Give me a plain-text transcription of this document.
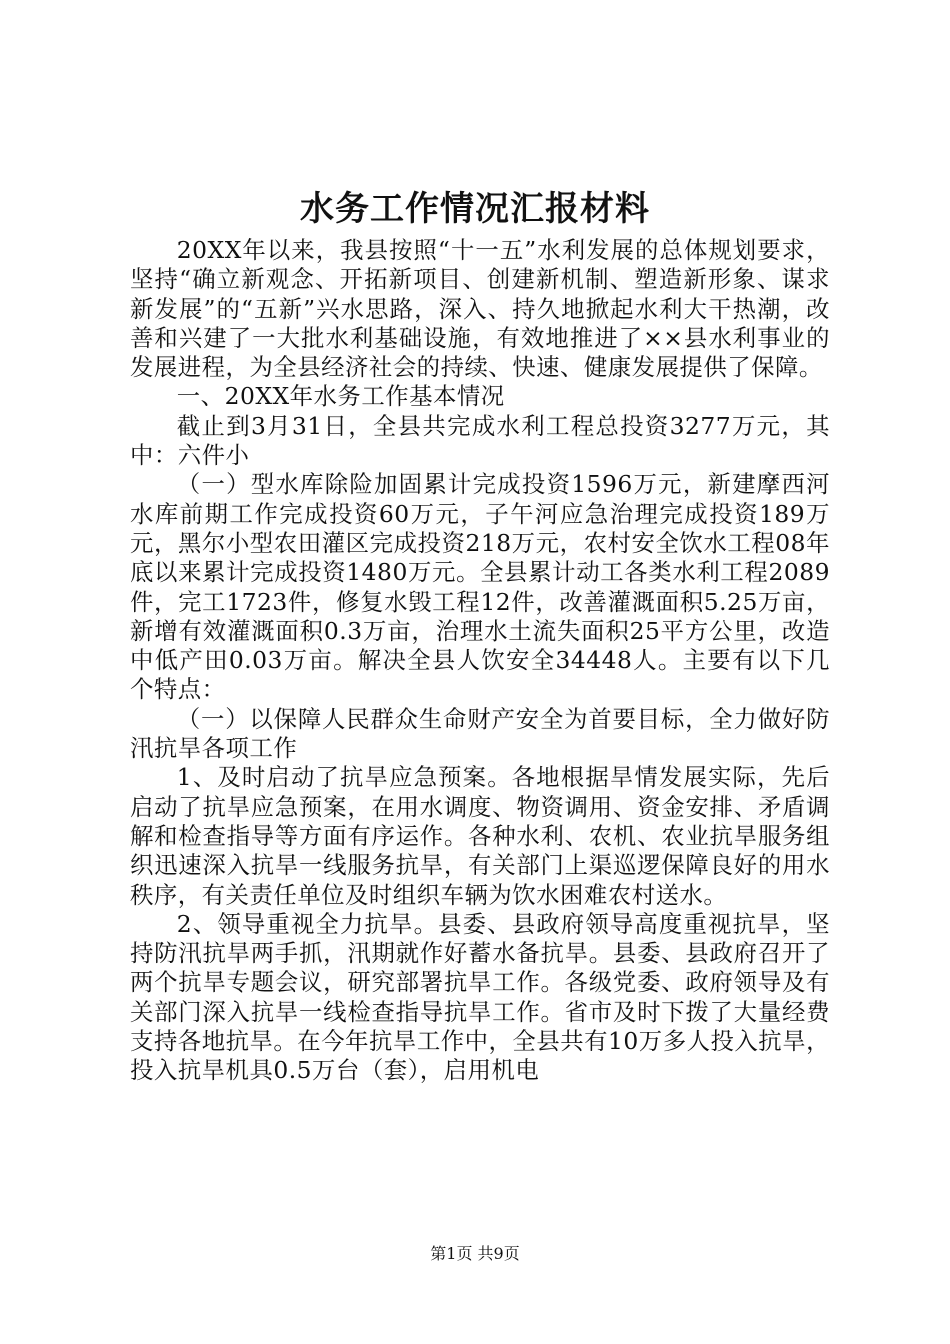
水务工作情况汇报材料

20XX年以来，我县按照“十一五”水利发展的总体规划要求，坚持“确立新观念、开拓新项目、创建新机制、塑造新形象、谋求新发展”的“五新”兴水思路，深入、持久地掀起水利大干热潮，改善和兴建了一大批水利基础设施，有效地推进了××县水利事业的发展进程，为全县经济社会的持续、快速、健康发展提供了保障。

一、20XX年水务工作基本情况

截止到3月31日，全县共完成水利工程总投资3277万元，其中：六件小

（一）型水库除险加固累计完成投资1596万元，新建摩西河水库前期工作完成投资60万元，子午河应急治理完成投资189万元，黑尔小型农田灌区完成投资218万元，农村安全饮水工程08年底以来累计完成投资1480万元。全县累计动工各类水利工程2089件，完工1723件，修复水毁工程12件，改善灌溉面积5.25万亩，新增有效灌溉面积0.3万亩，治理水土流失面积25平方公里，改造中低产田0.03万亩。解决全县人饮安全34448人。主要有以下几个特点：

（一）以保障人民群众生命财产安全为首要目标，全力做好防汛抗旱各项工作

1、及时启动了抗旱应急预案。各地根据旱情发展实际，先后启动了抗旱应急预案，在用水调度、物资调用、资金安排、矛盾调解和检查指导等方面有序运作。各种水利、农机、农业抗旱服务组织迅速深入抗旱一线服务抗旱，有关部门上渠巡逻保障良好的用水秩序，有关责任单位及时组织车辆为饮水困难农村送水。

2、领导重视全力抗旱。县委、县政府领导高度重视抗旱，坚持防汛抗旱两手抓，汛期就作好蓄水备抗旱。县委、县政府召开了两个抗旱专题会议，研究部署抗旱工作。各级党委、政府领导及有关部门深入抗旱一线检查指导抗旱工作。省市及时下拨了大量经费支持各地抗旱。在今年抗旱工作中，全县共有10万多人投入抗旱，投入抗旱机具0.5万台（套），启用机电

第1页 共9页
